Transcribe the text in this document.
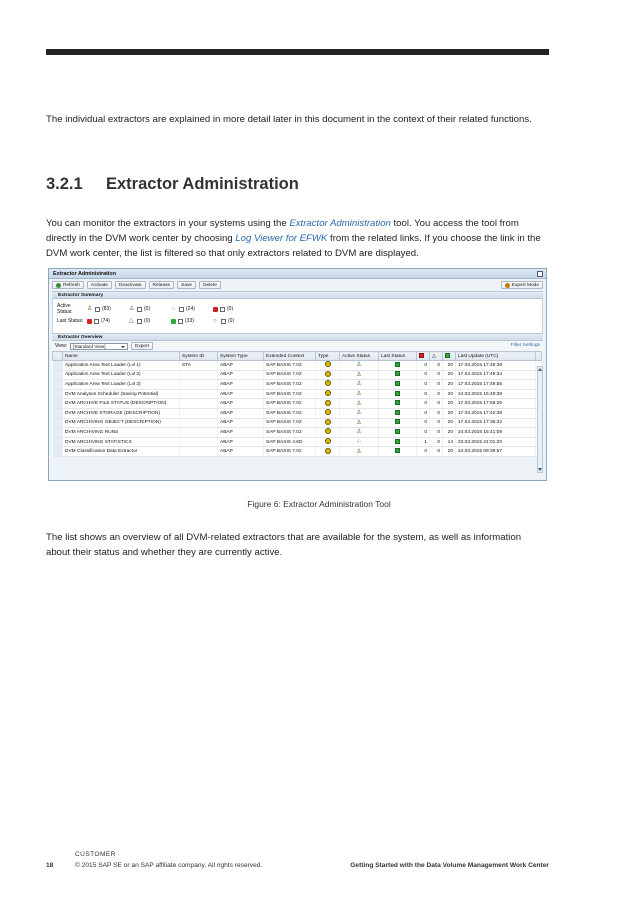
The individual extractors are explained in more detail later in this document in the context of their related functions.

3.2.1 Extractor Administration

You can monitor the extractors in your systems using the Extractor Administration tool. You access the tool from directly in the DVM work center by choosing Log Viewer for EFWK from the related links. If you choose the link in the DVM work center, the list is filtered so that only extractors related to DVM are displayed.

Extractor Administration
Refresh	Activate	Deactivate	Release	Save	Delete	Expert Mode
Extractor Summary
Active Status:	♙ (83)	♙ (0)	♘ (24)	(0)
Last Status:	(74)	△ (0)	(33)	○	(0)
Extractor Overview
View:	[Standard View]	Export	Filter Settings
	Name	System ID	System Type	Extended Context	Type	Active Status	Last Status		△		Last Update (UTC)	
	Application Area Text Loader (Lvl 1)	STA	ABAP	SAP BASIS 7.02		♙		0	0	20	17.03.2015 17:48:36	
	Application Area Text Loader (Lvl 2)		ABAP	SAP BASIS 7.02		♙		0	0	20	17.03.2015 17:49:34	
	Application Area Text Loader (Lvl 3)		ABAP	SAP BASIS 7.02		♙		0	0	20	17.03.2015 17:49:55	
	DVM Analyses Scheduler (Saving Potential)		ABAP	SAP BASIS 7.02		♙		0	0	20	24.03.2015 15:49:38	
	DVM ARCHIVE FILE STATUS (DESCRIPTION)		ABAP	SAP BASIS 7.02		♙		0	0	20	17.03.2015 17:59:26	
	DVM ARCHIVE STORAGE (DESCRIPTION)		ABAP	SAP BASIS 7.02		♙		0	0	20	17.03.2015 17:42:38	
	DVM ARCHIVING OBJECT (DESCRIPTION)		ABAP	SAP BASIS 7.02		♙		0	0	20	17.03.2015 17:36:32	
	DVM ARCHIVING RUNS		ABAP	SAP BASIS 7.02		♙		0	0	20	24.03.2015 15:41:09	
	DVM ARCHIVING STATISTICS		ABAP	SAP BASIS 4.6D		♘		1	0	14	23.03.2015 21:01:20	
	DVM Classification Data Extractor		ABAP	SAP BASIS 7.02		♙		0	0	20	24.03.2015 09:39:57	
Figure 6: Extractor Administration Tool

The list shows an overview of all DVM-related extractors that are available for the system, as well as information about their status and whether they are currently active.

CUSTOMER
18	© 2015 SAP SE or an SAP affiliate company. All rights reserved.	Getting Started with the Data Volume Management Work Center
